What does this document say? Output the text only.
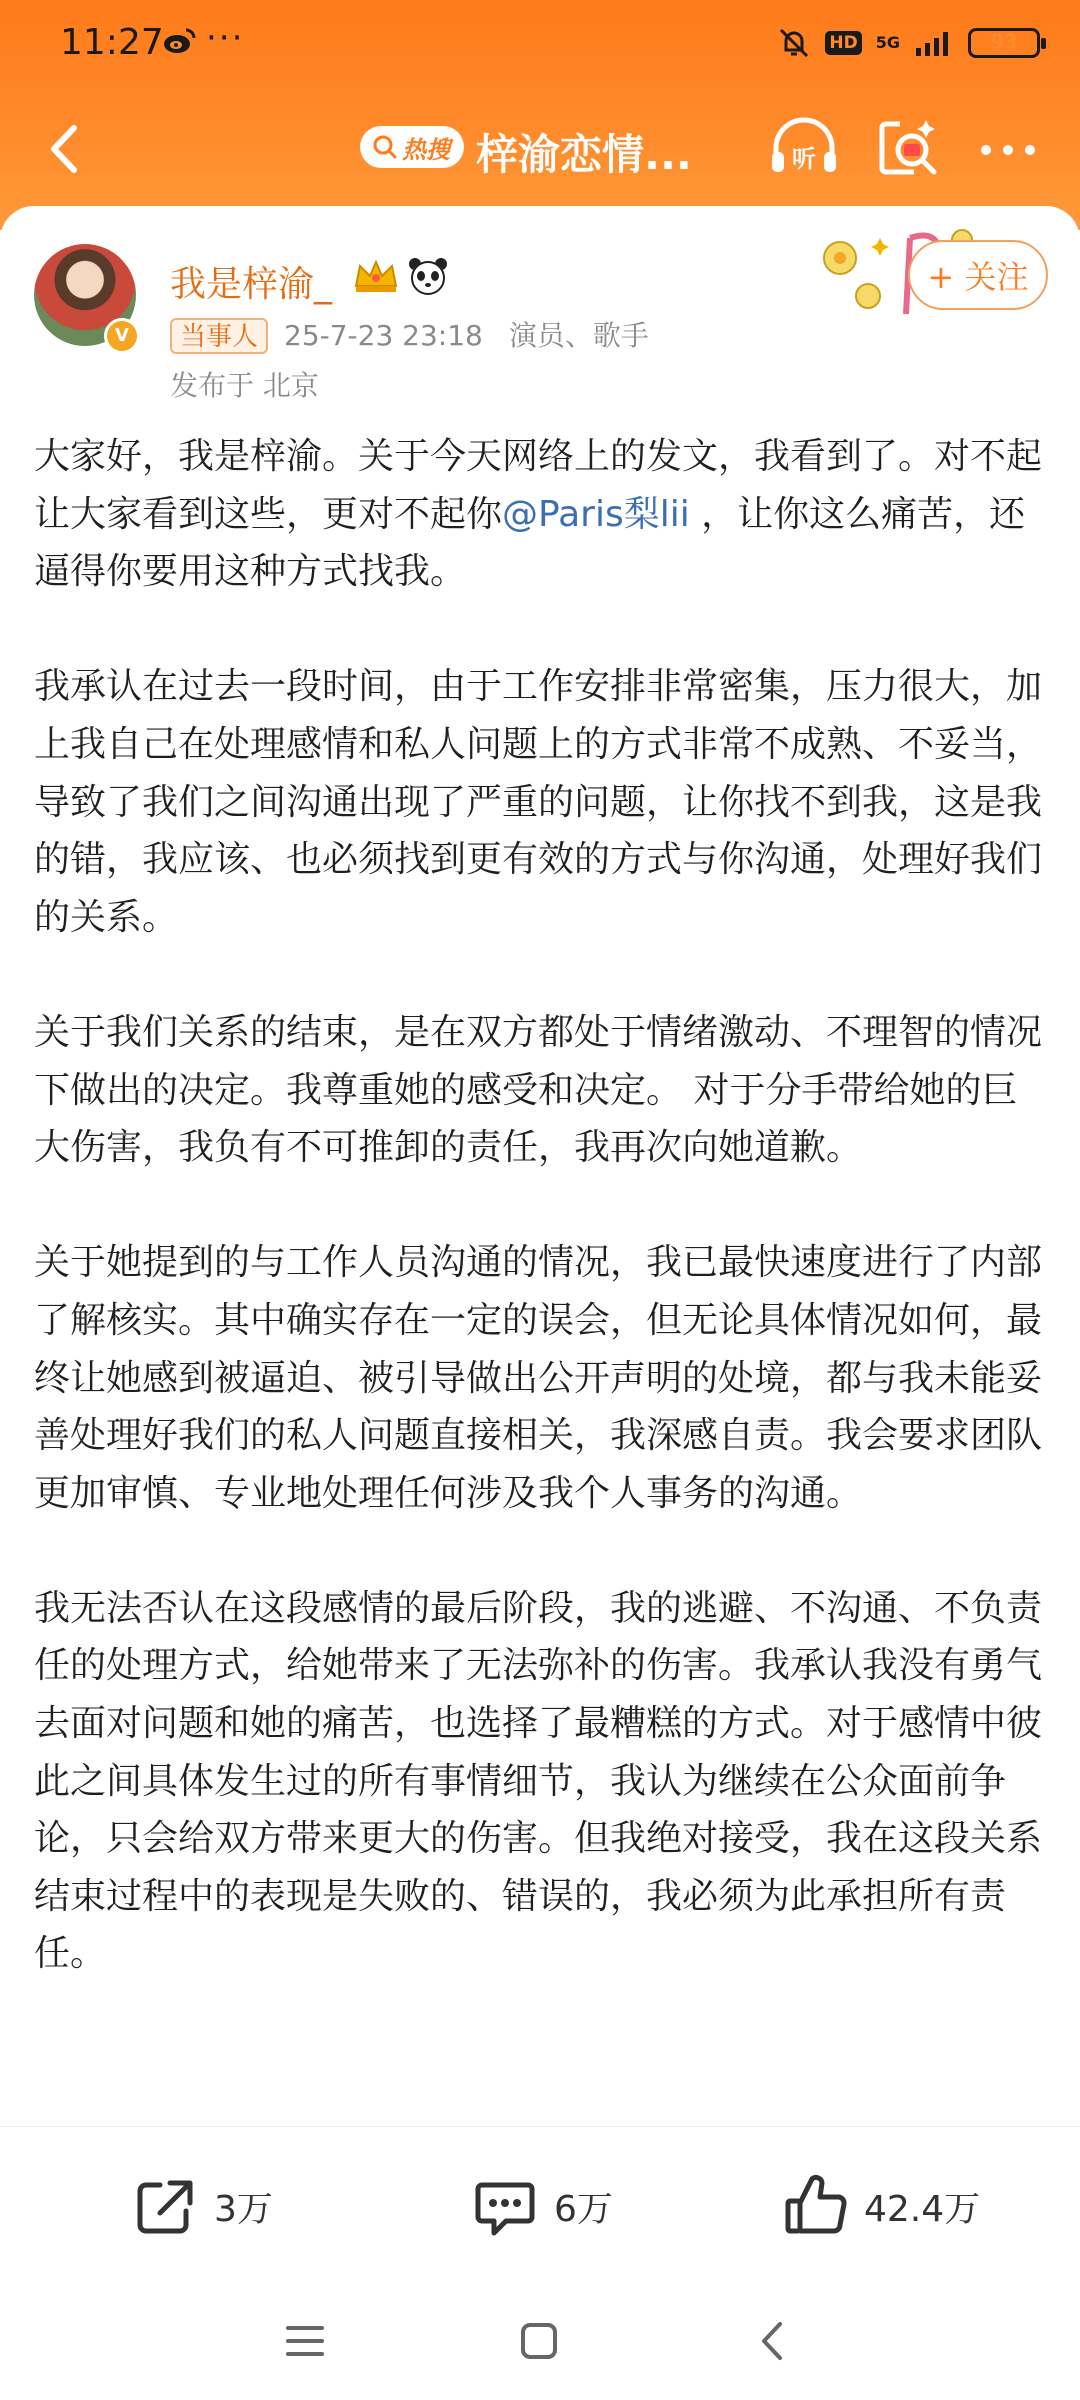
11:27 ···	HD 5G	93
热搜 梓渝恋情...	听
V
我是梓渝_
当事人 25-7-23 23:18 演员、歌手
发布于 北京
+ 关注

大家好，我是梓渝。关于今天网络上的发文，我看到了。对不起让大家看到这些，更对不起你@Paris梨lii ，让你这么痛苦，还逼得你要用这种方式找我。

我承认在过去一段时间，由于工作安排非常密集，压力很大，加上我自己在处理感情和私人问题上的方式非常不成熟、不妥当，导致了我们之间沟通出现了严重的问题，让你找不到我，这是我的错，我应该、也必须找到更有效的方式与你沟通，处理好我们的关系。

关于我们关系的结束，是在双方都处于情绪激动、不理智的情况下做出的决定。我尊重她的感受和决定。 对于分手带给她的巨大伤害，我负有不可推卸的责任，我再次向她道歉。

关于她提到的与工作人员沟通的情况，我已最快速度进行了内部了解核实。其中确实存在一定的误会，但无论具体情况如何，最终让她感到被逼迫、被引导做出公开声明的处境，都与我未能妥善处理好我们的私人问题直接相关，我深感自责。我会要求团队更加审慎、专业地处理任何涉及我个人事务的沟通。

我无法否认在这段感情的最后阶段，我的逃避、不沟通、不负责任的处理方式，给她带来了无法弥补的伤害。我承认我没有勇气去面对问题和她的痛苦，也选择了最糟糕的方式。对于感情中彼此之间具体发生过的所有事情细节，我认为继续在公众面前争论，只会给双方带来更大的伤害。但我绝对接受，我在这段关系结束过程中的表现是失败的、错误的，我必须为此承担所有责任。

3万	6万	42.4万
